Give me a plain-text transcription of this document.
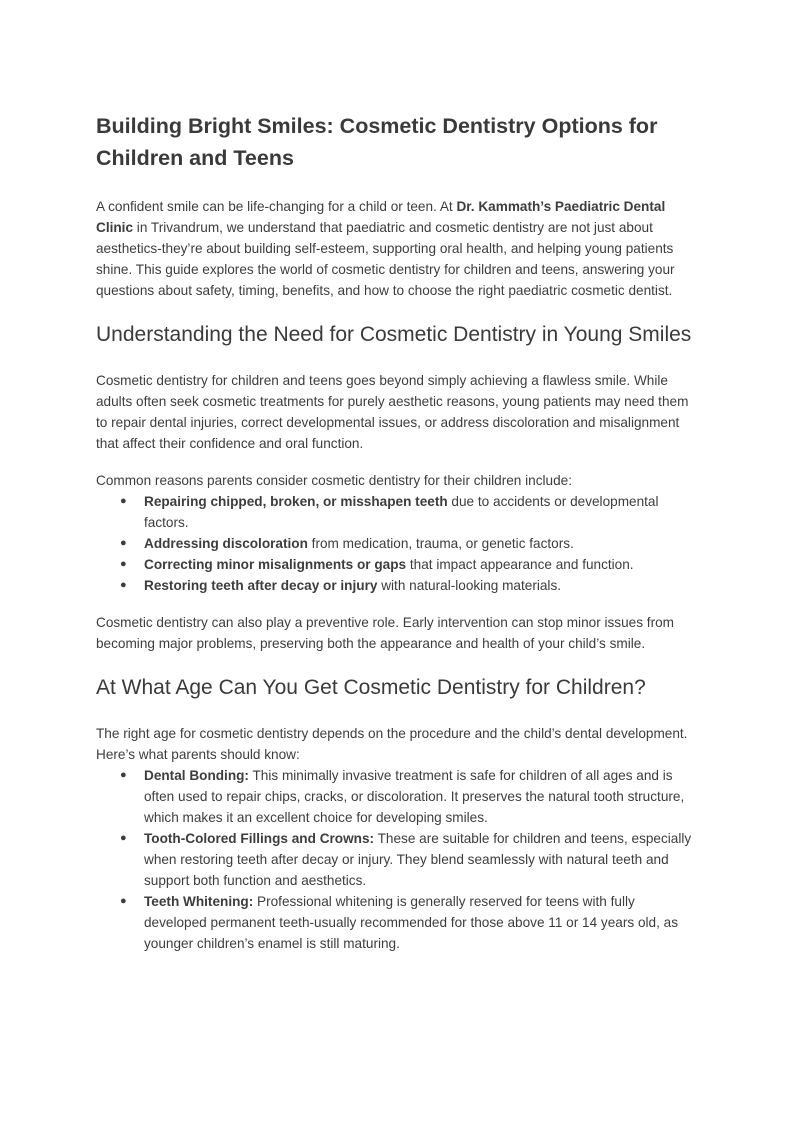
Building Bright Smiles: Cosmetic Dentistry Options for Children and Teens

A confident smile can be life-changing for a child or teen. At Dr. Kammath’s Paediatric Dental Clinic in Trivandrum, we understand that paediatric and cosmetic dentistry are not just about aesthetics-they’re about building self-esteem, supporting oral health, and helping young patients shine. This guide explores the world of cosmetic dentistry for children and teens, answering your questions about safety, timing, benefits, and how to choose the right paediatric cosmetic dentist.

Understanding the Need for Cosmetic Dentistry in Young Smiles

Cosmetic dentistry for children and teens goes beyond simply achieving a flawless smile. While adults often seek cosmetic treatments for purely aesthetic reasons, young patients may need them to repair dental injuries, correct developmental issues, or address discoloration and misalignment that affect their confidence and oral function.

Common reasons parents consider cosmetic dentistry for their children include:

● Repairing chipped, broken, or misshapen teeth due to accidents or developmental factors.
● Addressing discoloration from medication, trauma, or genetic factors.
● Correcting minor misalignments or gaps that impact appearance and function.
● Restoring teeth after decay or injury with natural-looking materials.

Cosmetic dentistry can also play a preventive role. Early intervention can stop minor issues from becoming major problems, preserving both the appearance and health of your child’s smile.

At What Age Can You Get Cosmetic Dentistry for Children?

The right age for cosmetic dentistry depends on the procedure and the child’s dental development. Here’s what parents should know:

● Dental Bonding: This minimally invasive treatment is safe for children of all ages and is often used to repair chips, cracks, or discoloration. It preserves the natural tooth structure, which makes it an excellent choice for developing smiles.
● Tooth-Colored Fillings and Crowns: These are suitable for children and teens, especially when restoring teeth after decay or injury. They blend seamlessly with natural teeth and support both function and aesthetics.
● Teeth Whitening: Professional whitening is generally reserved for teens with fully developed permanent teeth-usually recommended for those above 11 or 14 years old, as younger children’s enamel is still maturing.
